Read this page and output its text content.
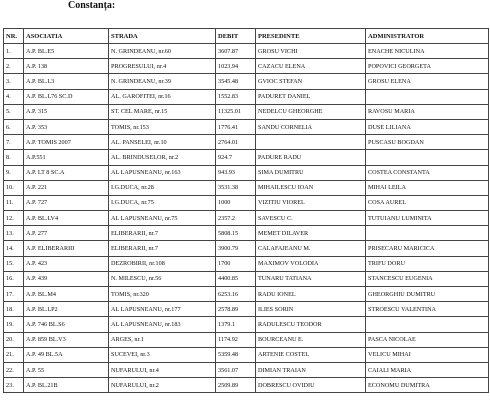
Constanța:
NR.	ASOCIATIA	STRADA	DEBIT	PRESEDINTE	ADMINISTRATOR
1.	A.P. BL.E5	N. GRINDEANU, nr.60	3607.87	GROSU VICHI	ENACHE NICULINA
2.	A.P. 138	PROGRESULUI, nr.4	1023.94	CAZACU ELENA	POPOVICI GEORGETA
3.	A.P. BL.L3	N. GRINDEANU, nr.39	3545.48	GVIOC STEFAN	GROSU ELENA
4.	A.P. BL.L76 SC.D	AL. GAROFITEI, nr.16	1552.83	PADURET DANIEL	
5.	A.P. 315	ST. CEL MARE, nr.15	11325.01	NEDELCU GHEORGHE	RAVOSU MARIA
6.	A.P. 353	TOMIS, nr.153	1776.41	SANDU CORNELIA	DUSE LILIANA
7.	A.P. TOMIS 2007	AL. PANSELEI, nr.10	2764.01		PUSCASU BOGDAN
8.	A.P.551	AL. BRINDUSELOR, nr.2	924.7	PADURE RADU	
9.	A.P. LT 8 SC.A	AL LAPUSNEANU, nr.163	943.93	SIMA DUMITRU	COSTEA CONSTANTA
10.	A.P. 221	I.G.DUCA, nr.28	3531.38	MIHAILESCU IOAN	MIHAI LEILA
11.	A.P. 727	I.G.DUCA, nr.75	1000	VIZITIU VIOREL	COSA AUREL
12.	A.P. BL.LV4	AL LAPUSNEANU, nr.75	2357.2	SAVESCU C.	TUTUIANU LUMINITA
13.	A.P. 277	ELIBERARII, nr.7	5808.15	MEMET DILAVER	
14.	A.P. ELIBERARIII	ELIBERARII, nr.7	3900.79	CALAFAJEANU M.	PRISECARU MARICICA
15.	A.P. 423	DEZROBIRII, nr.108	1700	MAXIMOV VOLODIA	TRIFU DORU
16.	A.P. 439	N. MILESCU, nr.56	4400.85	TUNARU TATIANA	STANCESCU EUGENIA
17.	A.P. BL.M4	TOMIS, nr.320	6253.16	RADU IONEL	GHEORGHIU DUMITRU
18.	A.P. BL.LP2	AL LAPUSNEANU, nr.177	2578.89	ILIES SORIN	STROESCU VALENTINA
19.	A.P. 746 BL.S6	AL LAPUSNEANU, nr.183	1379.1	RADULESCU TEODOR	
20.	A.P. 859 BL.V3	ARGES, nr.1	1174.92	BOURCEANU E.	PASCA NICOLAE
21.	A.P. 49 BL.5A	SUCEVEI, nr.3	5359.48	ARTENIE COSTEL	VELICU MIHAI
22.	A.P. 55	NUFARULUI, nr.4	3561.07	DIMIAN TRAIAN	CAIALI MARIA
23.	A.P. BL.21B	NUFARULUI, nr.2	2509.89	DOBRESCU OVIDIU	ECONOMU DUMITRA
